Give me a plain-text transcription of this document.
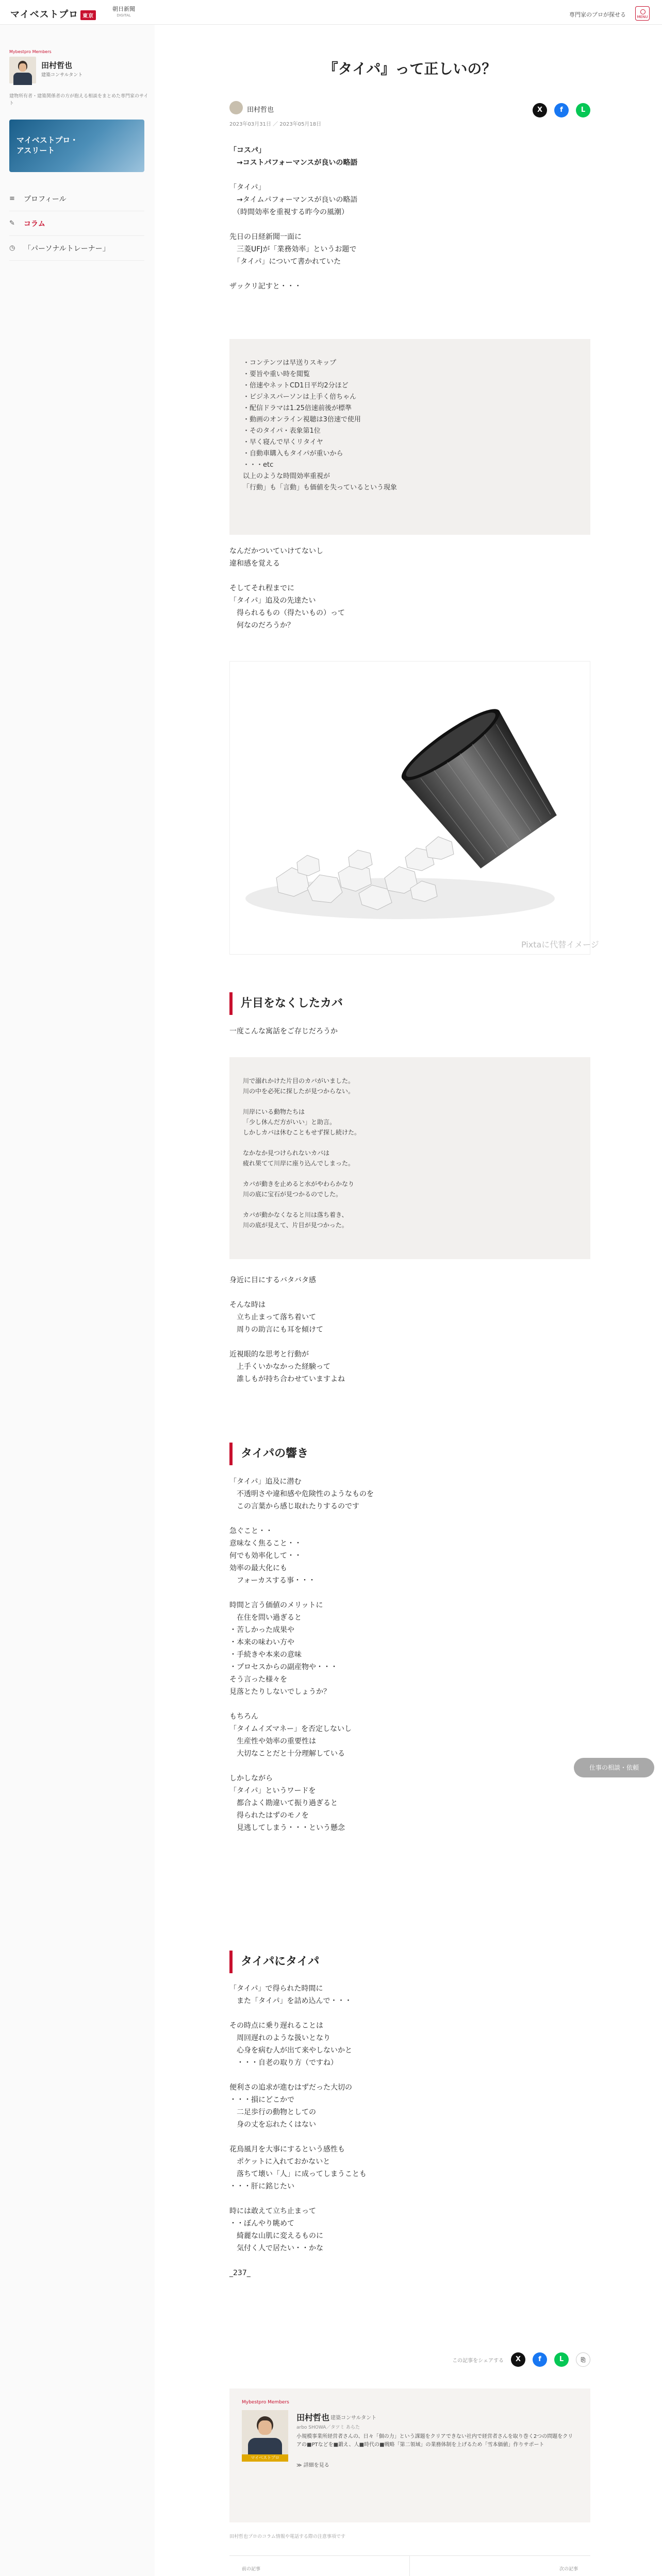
マイベストプロ 東京
朝日新聞
DIGITAL	専門家のプロが探せる	MENU
Mybestpro Members
田村哲也
建築コンサルタント
建物所有者・建築関係者の方が抱える相談をまとめた専門家のサイト
マイベストプロ・
アスリート
≡	プロフィール
✎	コラム
◷	「パーソナルトレーナー」
『タイパ』って正しいの？
田村哲也
2023年03月31日 ／ 2023年05月18日
X	f	L

「コスパ」
　→コストパフォーマンスが良いの略語

「タイパ」
　→タイムパフォーマンスが良いの略語
　（時間効率を重視する昨今の風潮）

先日の日経新聞一面に
　三菱UFJが「業務効率」というお題で
　「タイパ」について書かれていた

ザックリ記すと・・・

・コンテンツは早送りスキップ
・要旨や重い時を閲覧
・倍速やネットCD1日平均2分ほど
・ビジネスパーソンは上手く倍ちゃん
・配信ドラマは1.25倍速前後が標準
・動画のオンライン視聴は3倍速で使用
・そのタイパ・表象第1位
・早く寝んで早くリタイヤ
・自動車購入もタイパが重いから
・・・etc
以上のような時間効率重視が
「行動」も「言動」も価値を失っているという現象

なんだかついていけてないし
違和感を覚える

そしてそれ程までに
「タイパ」追及の先達たい
　得られるもの（得たいもの）って
　何なのだろうか？

Pixtaに代替イメージ
片目をなくしたカバ

一度こんな寓話をご存じだろうか

川で溺れかけた片目のカバがいました。
川の中を必死に探したが見つからない。

川岸にいる動物たちは
「少し休んだ方がいい」と助言。
しかしカバは休むこともせず探し続けた。

なかなか見つけられないカバは
疲れ果てて川岸に座り込んでしまった。

カバが動きを止めると水がやわらかなり
川の底に宝石が見つかるのでした。

カバが動かなくなると川は落ち着き、
川の底が見えて、片目が見つかった。

身近に目にするバタバタ感

そんな時は
　立ち止まって落ち着いて
　周りの助言にも耳を傾けて

近視眼的な思考と行動が
　上手くいかなかった経験って
　誰しもが持ち合わせていますよね

タイパの響き

「タイパ」追及に潜む
　不透明さや違和感や危険性のようなものを
　この言葉から感じ取れたりするのです

急ぐこと・・
意味なく焦ること・・
何でも効率化して・・
効率の最大化にも
　フォーカスする事・・・

時間と言う価値のメリットに
　在住を問い過ぎると
・苦しかった成果や
・本来の味わい方や
・手続きや本来の意味
・プロセスからの副産物や・・・
そう言った様々を
見落とたりしないでしょうか？

もちろん
「タイムイズマネー」を否定しないし
　生産性や効率の重要性は
　大切なことだと十分理解している

しかしながら
「タイパ」というワードを
　都合よく勘違いて振り過ぎると
　得られたはずのモノを
　見逃してしまう・・・という懸念

タイパにタイパ

「タイパ」で得られた時間に
　また「タイパ」を詰め込んで・・・

その時点に乗り遅れることは
　周回遅れのような扱いとなり
　心身を病む人が出て来やしないかと
　・・・自老の取り方（ですね）

便利さの追求が進むはずだった大切の
・・・損にどこかで
　二足歩行の動物としての
　身の丈を忘れたくはない

花鳥風月を大事にするという感性も
　ポケットに入れておかないと
　落ちて壊い「人」に成ってしまうことも
・・・肝に銘じたい

時には敢えて立ち止まって
・・ぼんやり眺めて
　綺麗な山肌に変えるものに
　気付く人で居たい・・かな

_237_

この記事をシェアする	X	f	L	⎘
Mybestpro Members
マイベストプロ
田村哲也 建築コンサルタント
arbo SHOWA／タツミ あらた
小規模事業所経営者さんの、日々「個の力」という課題をクリアできない社内で経営者さんを取り巻く2つの問題をクリアの■PTなどを■鍛え、人■時代の■戦略「第二領域」の業務体制を上げるため「雪本価値」作りサポート
≫ 詳細を見る
田村哲也プロのコラム情報や電話する際の注意事項です
前の記事	次の記事
仕事の相談・依頼
